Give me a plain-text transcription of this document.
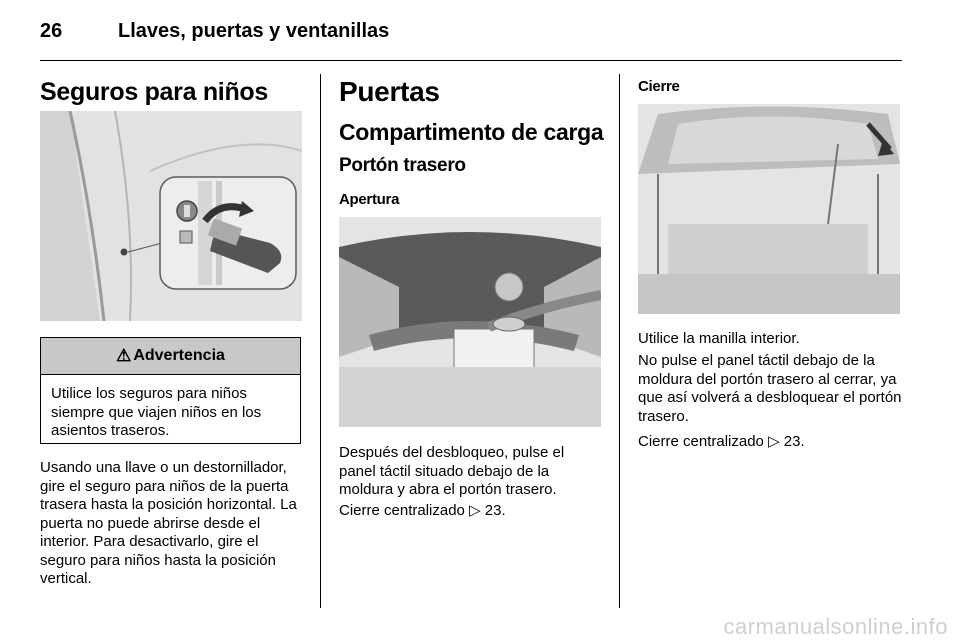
26	Llaves, puertas y ventanillas
Seguros para niños
⚠ Advertencia
Utilice los seguros para niños siempre que viajen niños en los asientos traseros.
Usando una llave o un destornillador, gire el seguro para niños de la puerta trasera hasta la posición horizontal. La puerta no puede abrirse desde el interior. Para desactivarlo, gire el seguro para niños hasta la posición vertical.
Puertas
Compartimento de carga
Portón trasero
Apertura
Después del desbloqueo, pulse el panel táctil situado debajo de la moldura y abra el portón trasero.
Cierre centralizado ▷ 23.
Cierre
Utilice la manilla interior.
No pulse el panel táctil debajo de la moldura del portón trasero al cerrar, ya que así volverá a desbloquear el portón trasero.
Cierre centralizado ▷ 23.
carmanualsonline.info
